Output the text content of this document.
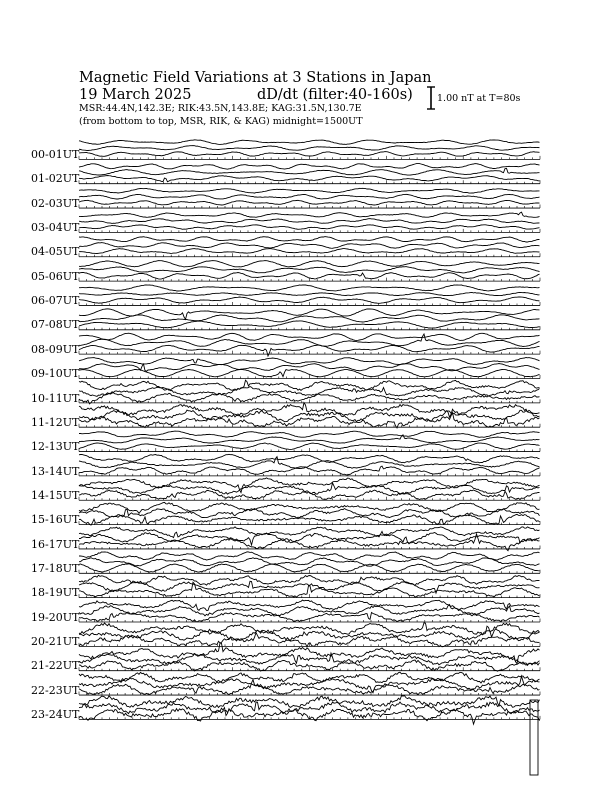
Magnetic Field Variations at 3 Stations in Japan
19 March 2025	dD/dt (filter:40-160s)
MSR:44.4N,142.3E; RIK:43.5N,143.8E; KAG:31.5N,130.7E
(from bottom to top, MSR, RIK, & KAG) midnight=1500UT
1.00 nT at T=80s
00-01UT
01-02UT
02-03UT
03-04UT
04-05UT
05-06UT
06-07UT
07-08UT
08-09UT
09-10UT
10-11UT
11-12UT
12-13UT
13-14UT
14-15UT
15-16UT
16-17UT
17-18UT
18-19UT
19-20UT
20-21UT
21-22UT
22-23UT
23-24UT
